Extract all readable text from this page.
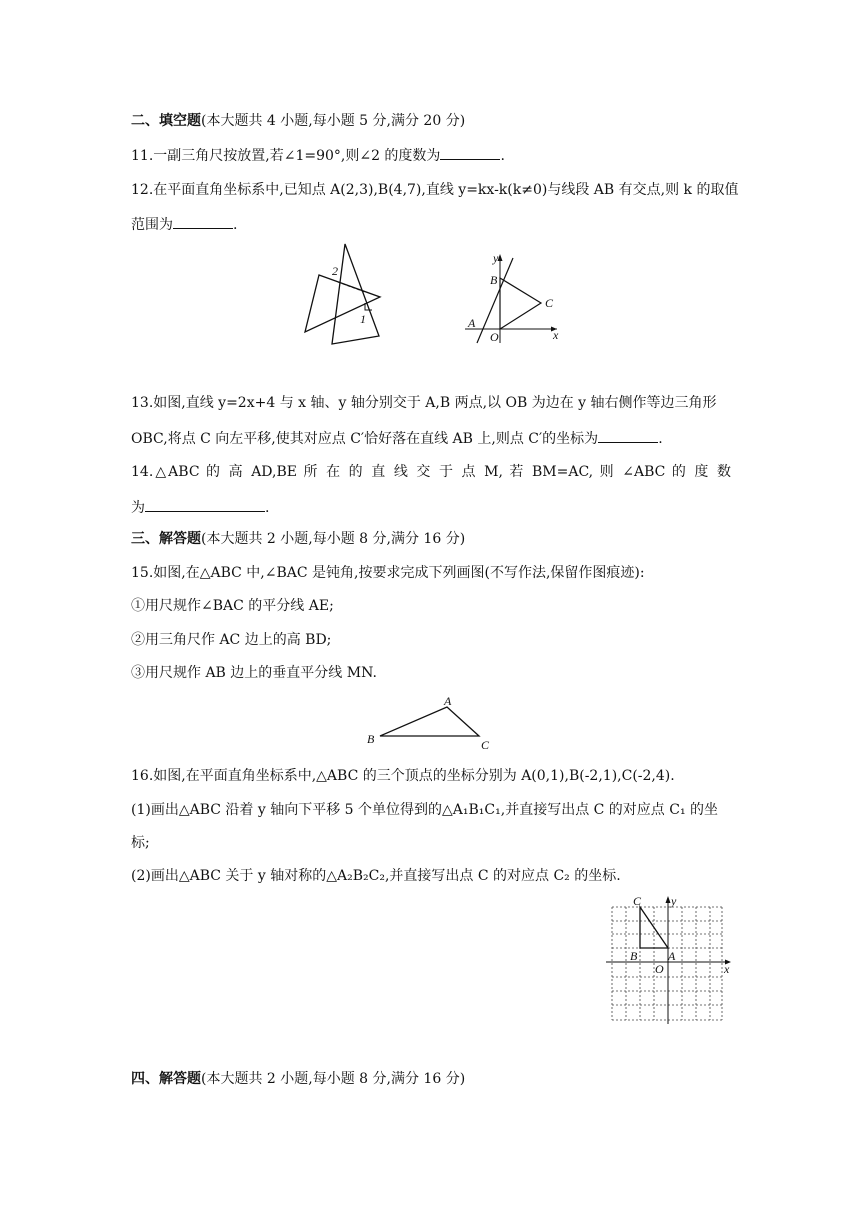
二、填空题(本大题共 4 小题,每小题 5 分,满分 20 分)
11.一副三角尺按放置,若∠1=90°,则∠2 的度数为	.
12.在平面直角坐标系中,已知点 A(2,3),B(4,7),直线 y=kx-k(k≠0)与线段 AB 有交点,则 k 的取值
范围为	.
2
1
y
B
C
A
O	x
13.如图,直线 y=2x+4 与 x 轴、y 轴分别交于 A,B 两点,以 OB 为边在 y 轴右侧作等边三角形
OBC,将点 C 向左平移,使其对应点 C′恰好落在直线 AB 上,则点 C′的坐标为	.
14.△ABC 的 高 AD,BE 所 在 的 直 线 交 于 点 M, 若 BM=AC, 则 ∠ABC 的 度 数
为	.
三、解答题(本大题共 2 小题,每小题 8 分,满分 16 分)
15.如图,在△ABC 中,∠BAC 是钝角,按要求完成下列画图(不写作法,保留作图痕迹):
①用尺规作∠BAC 的平分线 AE;
②用三角尺作 AC 边上的高 BD;
③用尺规作 AB 边上的垂直平分线 MN.
A
B	C
16.如图,在平面直角坐标系中,△ABC 的三个顶点的坐标分别为 A(0,1),B(-2,1),C(-2,4).
(1)画出△ABC 沿着 y 轴向下平移 5 个单位得到的△A₁B₁C₁,并直接写出点 C 的对应点 C₁ 的坐
标;
(2)画出△ABC 关于 y 轴对称的△A₂B₂C₂,并直接写出点 C 的对应点 C₂ 的坐标.
C y
B	A
O	x
四、解答题(本大题共 2 小题,每小题 8 分,满分 16 分)
